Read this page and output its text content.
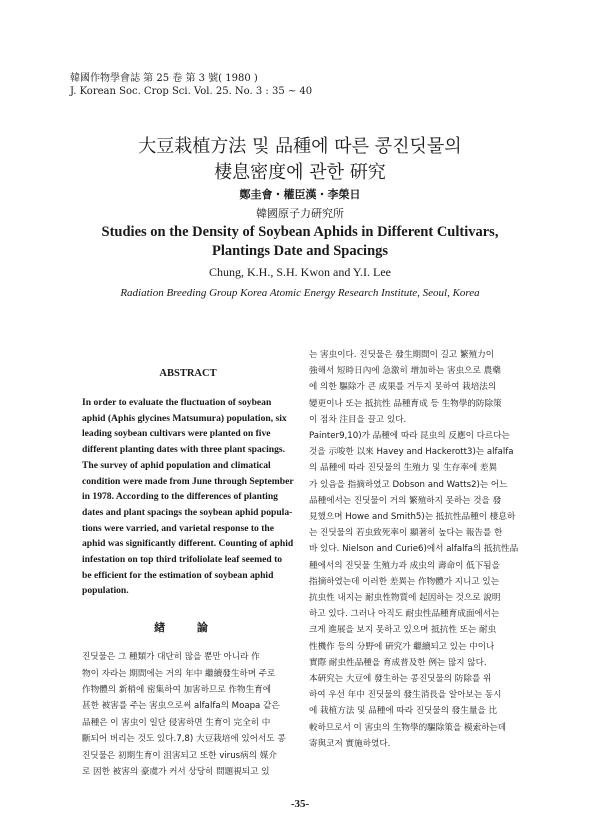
韓國作物學會誌 第 25 卷 第 3 號( 1980 )
J. Korean Soc. Crop Sci. Vol. 25. No. 3 : 35 ~ 40
大豆栽植方法 및 品種에 따른 콩진딧물의
棲息密度에 관한 硏究
鄭圭會・權臣漢・李榮日
韓國原子力硏究所
Studies on the Density of Soybean Aphids in Different Cultivars,
Plantings Date and Spacings
Chung, K.H., S.H. Kwon and Y.I. Lee
Radiation Breeding Group Korea Atomic Energy Research Institute, Seoul, Korea
ABSTRACT
In order to evaluate the fluctuation of soybean
aphid (Aphis glycines Matsumura) population, six
leading soybean cultivars were planted on five
different planting dates with three plant spacings.
The survey of aphid population and climatical
condition were made from June through September
in 1978. According to the differences of planting
dates and plant spacings the soybean aphid popula-
tions were varried, and varietal response to the
aphid was significantly different. Counting of aphid
infestation on top third trifoliolate leaf seemed to
be efficient for the estimation of soybean aphid
population.
緖 論
진딧물은 그 種類가 대단히 많을 뿐만 아니라 作
物이 자라는 期間에는 거의 年中 繼續發生하며 주로
作物體의 新梢에 密集하여 加害하므로 作物生育에
甚한 被害를 주는 害虫으로써 alfalfa의 Moapa 같은
品種은 이 害虫이 일단 侵害하면 生育이 完全히 中
斷되어 버리는 것도 있다.7,8) 大豆栽培에 있어서도 콩
진딧물은 初期生育이 沮害되고 또한 virus病의 媒介
로 因한 被害의 豪虞가 커서 상당히 問題視되고 있
는 害虫이다. 진딧물은 發生期間이 길고 繁殖力이
強해서 短時日內에 急激히 增加하는 害虫으로 農藥
에 의한 驅除가 큰 成果를 거두지 못하여 栽培法의
變更이나 또는 抵抗性 品種育成 등 生物學的防除策
이 점차 注目을 끌고 있다.
Painter9,10)가 品種에 따라 昆虫의 反應이 다르다는
것을 示唆한 以來 Havey and Hackerott3)는 alfalfa
의 品種에 따라 진딧물의 生殖力 및 生存率에 差異
가 있음을 指摘하였고 Dobson and Watts2)는 어느
品種에서는 진딧물이 거의 繁殖하지 못하는 것을 發
見했으며 Howe and Smith5)는 抵抗性品種이 棲息하
는 진딧물의 若虫致死率이 顯著히 높다는 報告를 한
바 있다. Nielson and Curie6)에서 alfalfa의 抵抗性品
種에서의 진딧물 生殖力과 成虫의 壽命이 低下됨을
指摘하였는데 이러한 差異는 作物體가 지니고 있는
抗虫性 내지는 耐虫性物質에 起因하는 것으로 說明
하고 있다. 그러나 아직도 耐虫性品種育成面에서는
크게 進展을 보지 못하고 있으며 抵抗性 또는 耐虫
性機作 등의 分野에 硏究가 繼續되고 있는 中이나
實際 耐虫性品種을 育成普及한 例는 많지 않다.
本硏究는 大豆에 發生하는 콩진딧물의 防除를 위
하여 우선 年中 진딧물의 發生消長을 알아보는 동시
에 栽植方法 및 品種에 따라 진딧물의 發生量을 比
較하므로서 이 害虫의 生物學的驅除策을 模索하는데
寄與코저 實施하였다.
-35-
